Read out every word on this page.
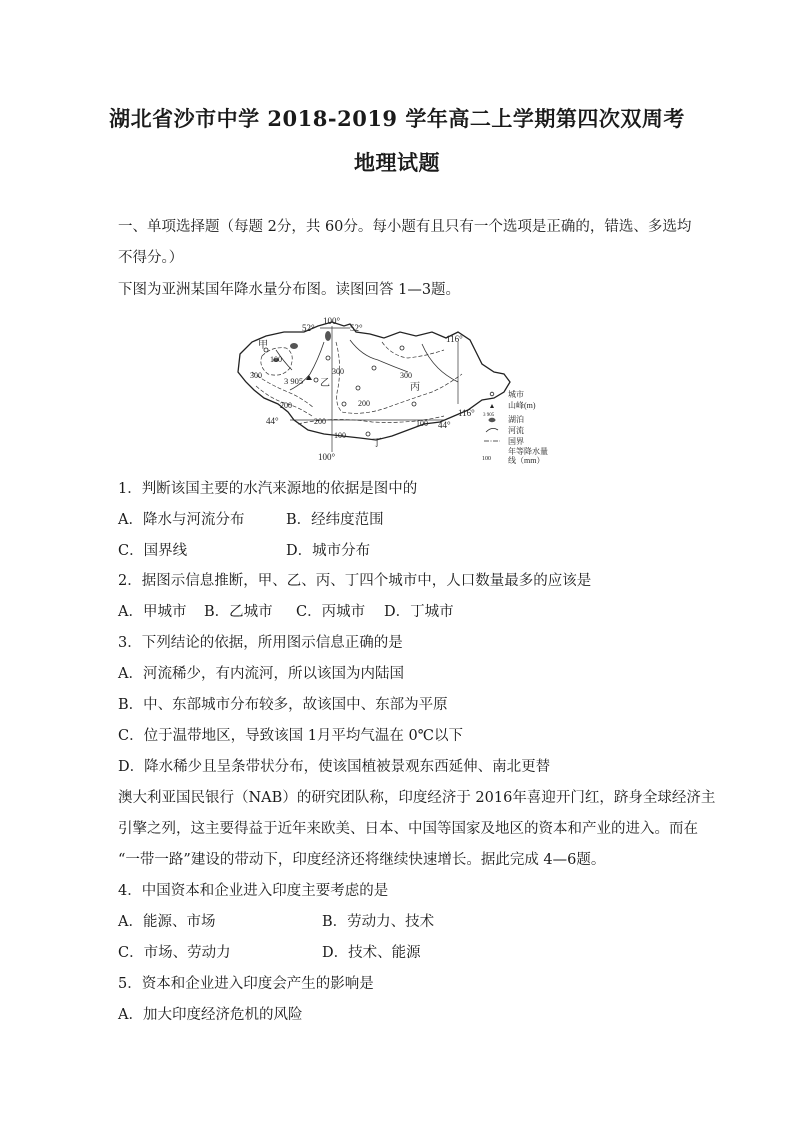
湖北省沙市中学 2018-2019 学年高二上学期第四次双周考
地理试题
一、单项选择题（每题 2分，共 60分。每小题有且只有一个选项是正确的，错选、多选均
不得分。）
下图为亚洲某国年降水量分布图。读图回答 1—3题。
100°
52°	52°
116°
44°	44°
116°
100°
甲
乙	丙
丁
3 905
100
300
200
300
200
300
200
100
100
城市
3 905
山峰(m)
湖泊
河流
国界
年等降水量
100 线（mm）
1．判断该国主要的水汽来源地的依据是图中的
A．降水与河流分布	B．经纬度范围
C．国界线	D．城市分布
2．据图示信息推断，甲、乙、丙、丁四个城市中，人口数量最多的应该是
A．甲城市 B．乙城市 C．丙城市 D．丁城市
3．下列结论的依据，所用图示信息正确的是
A．河流稀少，有内流河，所以该国为内陆国
B．中、东部城市分布较多，故该国中、东部为平原
C．位于温带地区，导致该国 1月平均气温在 0℃以下
D．降水稀少且呈条带状分布，使该国植被景观东西延伸、南北更替
澳大利亚国民银行（NAB）的研究团队称，印度经济于 2016年喜迎开门红，跻身全球经济主
引擎之列，这主要得益于近年来欧美、日本、中国等国家及地区的资本和产业的进入。而在
“一带一路”建设的带动下，印度经济还将继续快速增长。据此完成 4—6题。
4．中国资本和企业进入印度主要考虑的是
A．能源、市场	B．劳动力、技术
C．市场、劳动力	D．技术、能源
5．资本和企业进入印度会产生的影响是
A．加大印度经济危机的风险
